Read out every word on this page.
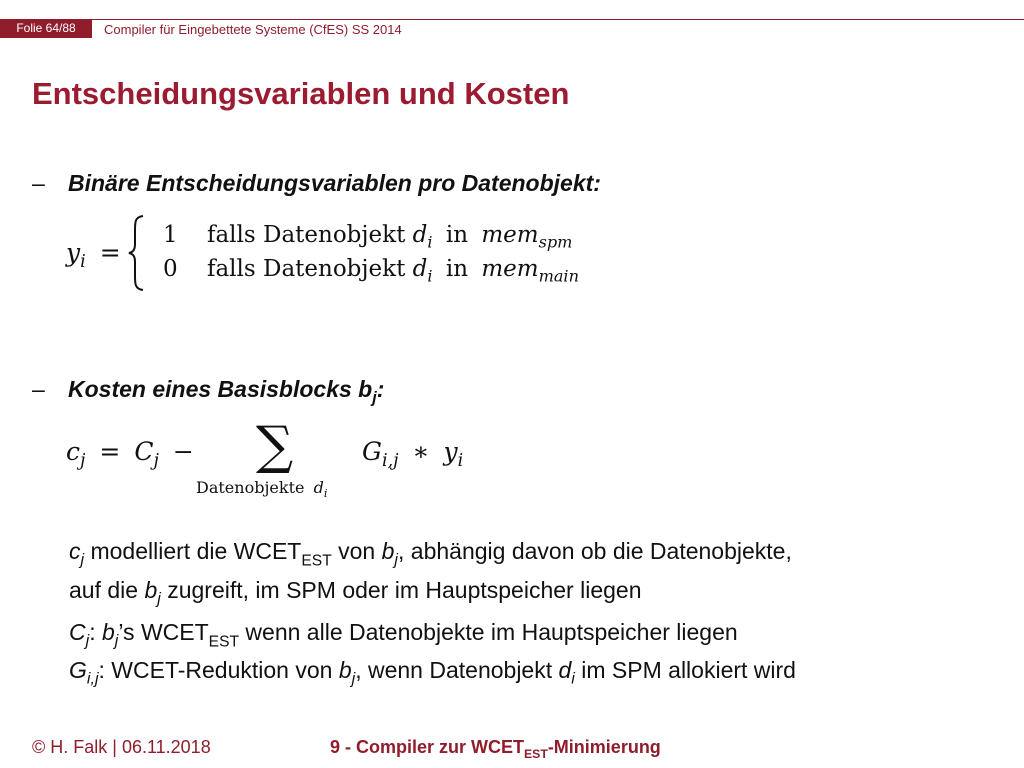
Folie 64/88	Compiler für Eingebettete Systeme (CfES) SS 2014
Entscheidungsvariablen und Kosten
– Binäre Entscheidungsvariablen pro Datenobjekt:
$y_i$ =
1 falls Datenobjekt $d_i$ in mem$_{spm}$
0 falls Datenobjekt $d_i$ in mem$_{main}$
– Kosten eines Basisblocks $b_j$:
$c_j = C_j$ − ∑
Datenobjekte $d_i$
$G_{i,j}$ ∗ $y_i$
$c_j$ modelliert die $WCET_{EST}$ von $b_j$, abhängig davon ob die Datenobjekte,
auf die $b_j$ zugreift, im SPM oder im Hauptspeicher liegen
$C_j$: $b_j’s$ $WCET_{EST}$ wenn alle Datenobjekte im Hauptspeicher liegen
$G_{i,j}$: WCET-Reduktion von $b_j$, wenn Datenobjekt $d_i$ im SPM allokiert wird
© H. Falk | 06.11.2018	9 - Compiler zur $WCET_{EST}$-Minimierung
